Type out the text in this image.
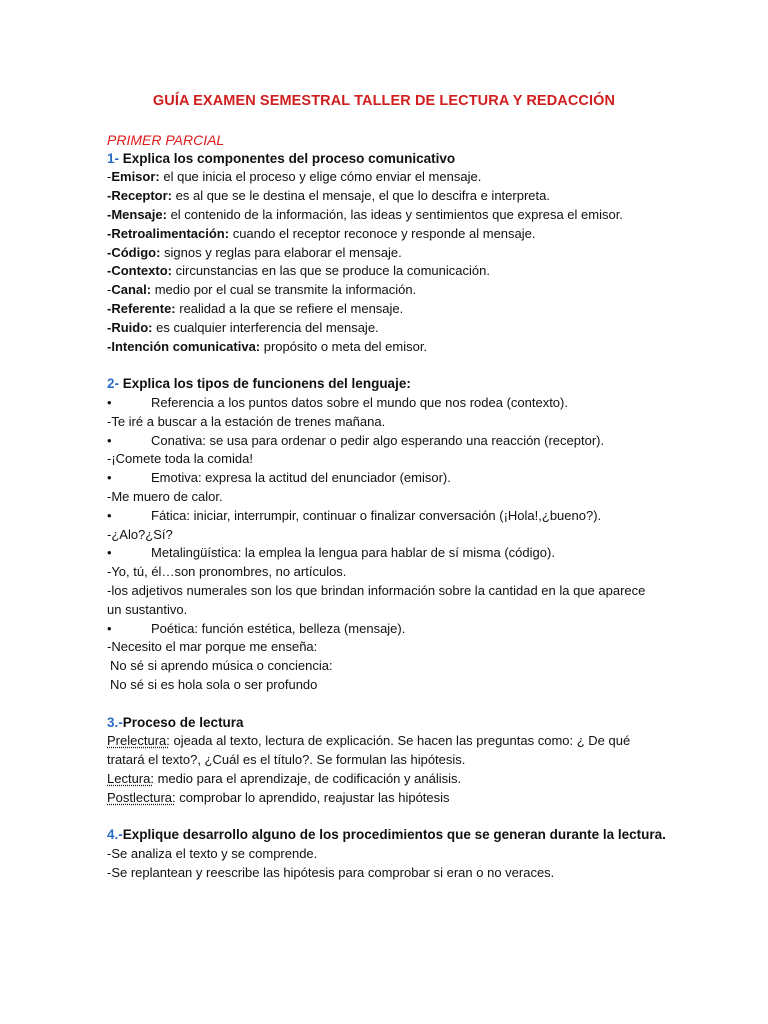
GUÍA EXAMEN SEMESTRAL TALLER DE LECTURA Y REDACCIÓN

PRIMER PARCIAL

1- Explica los componentes del proceso comunicativo

-Emisor: el que inicia el proceso y elige cómo enviar el mensaje.

-Receptor: es al que se le destina el mensaje, el que lo descifra e interpreta.

-Mensaje: el contenido de la información, las ideas y sentimientos que expresa el emisor.

-Retroalimentación: cuando el receptor reconoce y responde al mensaje.

-Código: signos y reglas para elaborar el mensaje.

-Contexto: circunstancias en las que se produce la comunicación.

-Canal: medio por el cual se transmite la información.

-Referente: realidad a la que se refiere el mensaje.

-Ruido: es cualquier interferencia del mensaje.

-Intención comunicativa: propósito o meta del emisor.

2- Explica los tipos de funcionens del lenguaje:

•	Referencia a los puntos datos sobre el mundo que nos rodea (contexto).

-Te iré a buscar a la estación de trenes mañana.

•	Conativa: se usa para ordenar o pedir algo esperando una reacción (receptor).

-¡Comete toda la comida!

•	Emotiva: expresa la actitud del enunciador (emisor).

-Me muero de calor.

•	Fática: iniciar, interrumpir, continuar o finalizar conversación (¡Hola!,¿bueno?).

-¿Alo?¿Sí?

•	Metalingüística: la emplea la lengua para hablar de sí misma (código).

-Yo, tú, él…son pronombres, no artículos.

-los adjetivos numerales son los que brindan información sobre la cantidad en la que aparece un sustantivo.

•	Poética: función estética, belleza (mensaje).

-Necesito el mar porque me enseña:

No sé si aprendo música o conciencia:

No sé si es hola sola o ser profundo

3.-Proceso de lectura

Prelectura: ojeada al texto, lectura de explicación. Se hacen las preguntas como: ¿ De qué tratará el texto?, ¿Cuál es el título?. Se formulan las hipótesis.

Lectura: medio para el aprendizaje, de codificación y análisis.

Postlectura: comprobar lo aprendido, reajustar las hipótesis

4.-Explique desarrollo alguno de los procedimientos que se generan durante la lectura.

-Se analiza el texto y se comprende.

-Se replantean y reescribe las hipótesis para comprobar si eran o no veraces.
